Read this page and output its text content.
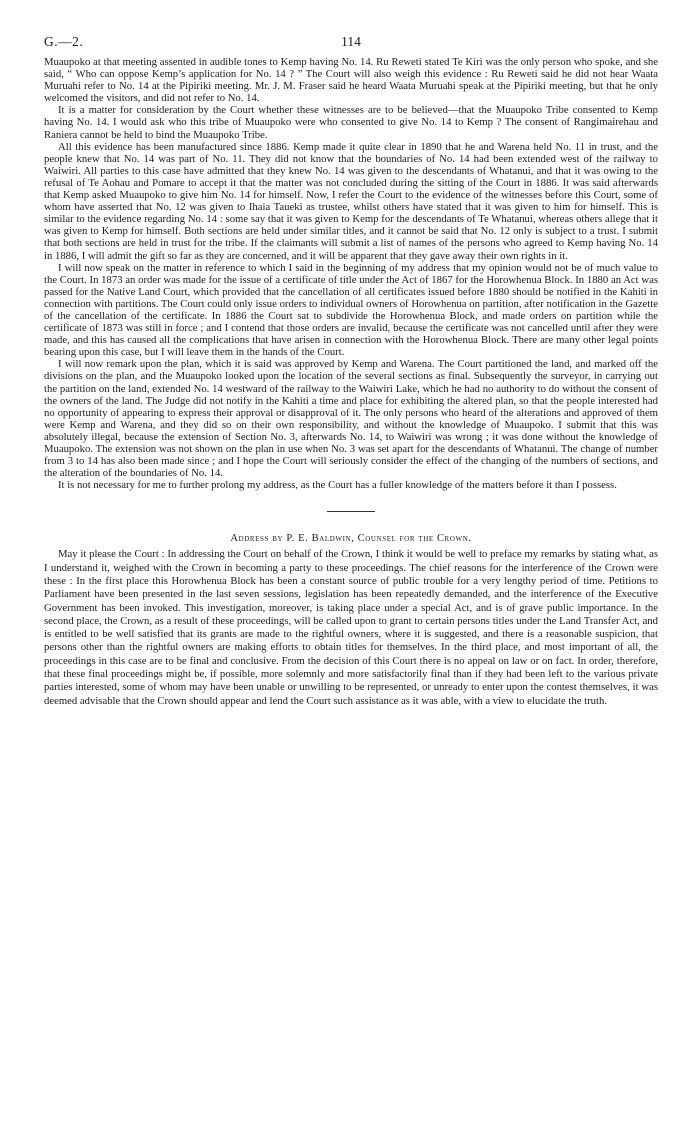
G.—2.	114

Muaupoko at that meeting assented in audible tones to Kemp having No. 14. Ru Reweti stated Te Kiri was the only person who spoke, and she said, “ Who can oppose Kemp’s application for No. 14 ? ” The Court will also weigh this evidence : Ru Reweti said he did not hear Waata Muruahi refer to No. 14 at the Pipiriki meeting. Mr. J. M. Fraser said he heard Waata Muruahi speak at the Pipiriki meeting, but that he only welcomed the visitors, and did not refer to No. 14.

It is a matter for consideration by the Court whether these witnesses are to be believed—that the Muaupoko Tribe consented to Kemp having No. 14. I would ask who this tribe of Muaupoko were who consented to give No. 14 to Kemp ? The consent of Rangimairehau and Raniera cannot be held to bind the Muaupoko Tribe.

All this evidence has been manufactured since 1886. Kemp made it quite clear in 1890 that he and Warena held No. 11 in trust, and the people knew that No. 14 was part of No. 11. They did not know that the boundaries of No. 14 had been extended west of the railway to Waiwiri. All parties to this case have admitted that they knew No. 14 was given to the descendants of Whatanui, and that it was owing to the refusal of Te Aohau and Pomare to accept it that the matter was not concluded during the sitting of the Court in 1886. It was said afterwards that Kemp asked Muaupoko to give him No. 14 for himself. Now, I refer the Court to the evidence of the witnesses before this Court, some of whom have asserted that No. 12 was given to Ihaia Taueki as trustee, whilst others have stated that it was given to him for himself. This is similar to the evidence regarding No. 14 : some say that it was given to Kemp for the descendants of Te Whatanui, whereas others allege that it was given to Kemp for himself. Both sections are held under similar titles, and it cannot be said that No. 12 only is subject to a trust. I submit that both sections are held in trust for the tribe. If the claimants will submit a list of names of the persons who agreed to Kemp having No. 14 in 1886, I will admit the gift so far as they are concerned, and it will be apparent that they gave away their own rights in it.

I will now speak on the matter in reference to which I said in the beginning of my address that my opinion would not be of much value to the Court. In 1873 an order was made for the issue of a certificate of title under the Act of 1867 for the Horowhenua Block. In 1880 an Act was passed for the Native Land Court, which provided that the cancellation of all certificates issued before 1880 should be notified in the Kahiti in connection with partitions. The Court could only issue orders to individual owners of Horowhenua on partition, after notification in the Gazette of the cancellation of the certificate. In 1886 the Court sat to subdivide the Horowhenua Block, and made orders on partition while the certificate of 1873 was still in force ; and I contend that those orders are invalid, because the certificate was not cancelled until after they were made, and this has caused all the complications that have arisen in connection with the Horowhenua Block. There are many other legal points bearing upon this case, but I will leave them in the hands of the Court.

I will now remark upon the plan, which it is said was approved by Kemp and Warena. The Court partitioned the land, and marked off the divisions on the plan, and the Muaupoko looked upon the location of the several sections as final. Subsequently the surveyor, in carrying out the partition on the land, extended No. 14 westward of the railway to the Waiwiri Lake, which he had no authority to do without the consent of the owners of the land. The Judge did not notify in the Kahiti a time and place for exhibiting the altered plan, so that the people interested had no opportunity of appearing to express their approval or disapproval of it. The only persons who heard of the alterations and approved of them were Kemp and Warena, and they did so on their own responsibility, and without the knowledge of Muaupoko. I submit that this was absolutely illegal, because the extension of Section No. 3, afterwards No. 14, to Waiwiri was wrong ; it was done without the knowledge of Muaupoko. The extension was not shown on the plan in use when No. 3 was set apart for the descendants of Whatanui. The change of number from 3 to 14 has also been made since ; and I hope the Court will seriously consider the effect of the changing of the numbers of sections, and the alteration of the boundaries of No. 14.

It is not necessary for me to further prolong my address, as the Court has a fuller knowledge of the matters before it than I possess.

Address by P. E. Baldwin, Counsel for the Crown.

May it please the Court : In addressing the Court on behalf of the Crown, I think it would be well to preface my remarks by stating what, as I understand it, weighed with the Crown in becoming a party to these proceedings. The chief reasons for the interference of the Crown were these : In the first place this Horowhenua Block has been a constant source of public trouble for a very lengthy period of time. Petitions to Parliament have been presented in the last seven sessions, legislation has been repeatedly demanded, and the interference of the Executive Government has been invoked. This investigation, moreover, is taking place under a special Act, and is of grave public importance. In the second place, the Crown, as a result of these proceedings, will be called upon to grant to certain persons titles under the Land Transfer Act, and is entitled to be well satisfied that its grants are made to the rightful owners, where it is suggested, and there is a reasonable suspicion, that persons other than the rightful owners are making efforts to obtain titles for themselves. In the third place, and most important of all, the proceedings in this case are to be final and conclusive. From the decision of this Court there is no appeal on law or on fact. In order, therefore, that these final proceedings might be, if possible, more solemnly and more satisfactorily final than if they had been left to the various private parties interested, some of whom may have been unable or unwilling to be represented, or unready to enter upon the contest themselves, it was deemed advisable that the Crown should appear and lend the Court such assistance as it was able, with a view to elucidate the truth.
